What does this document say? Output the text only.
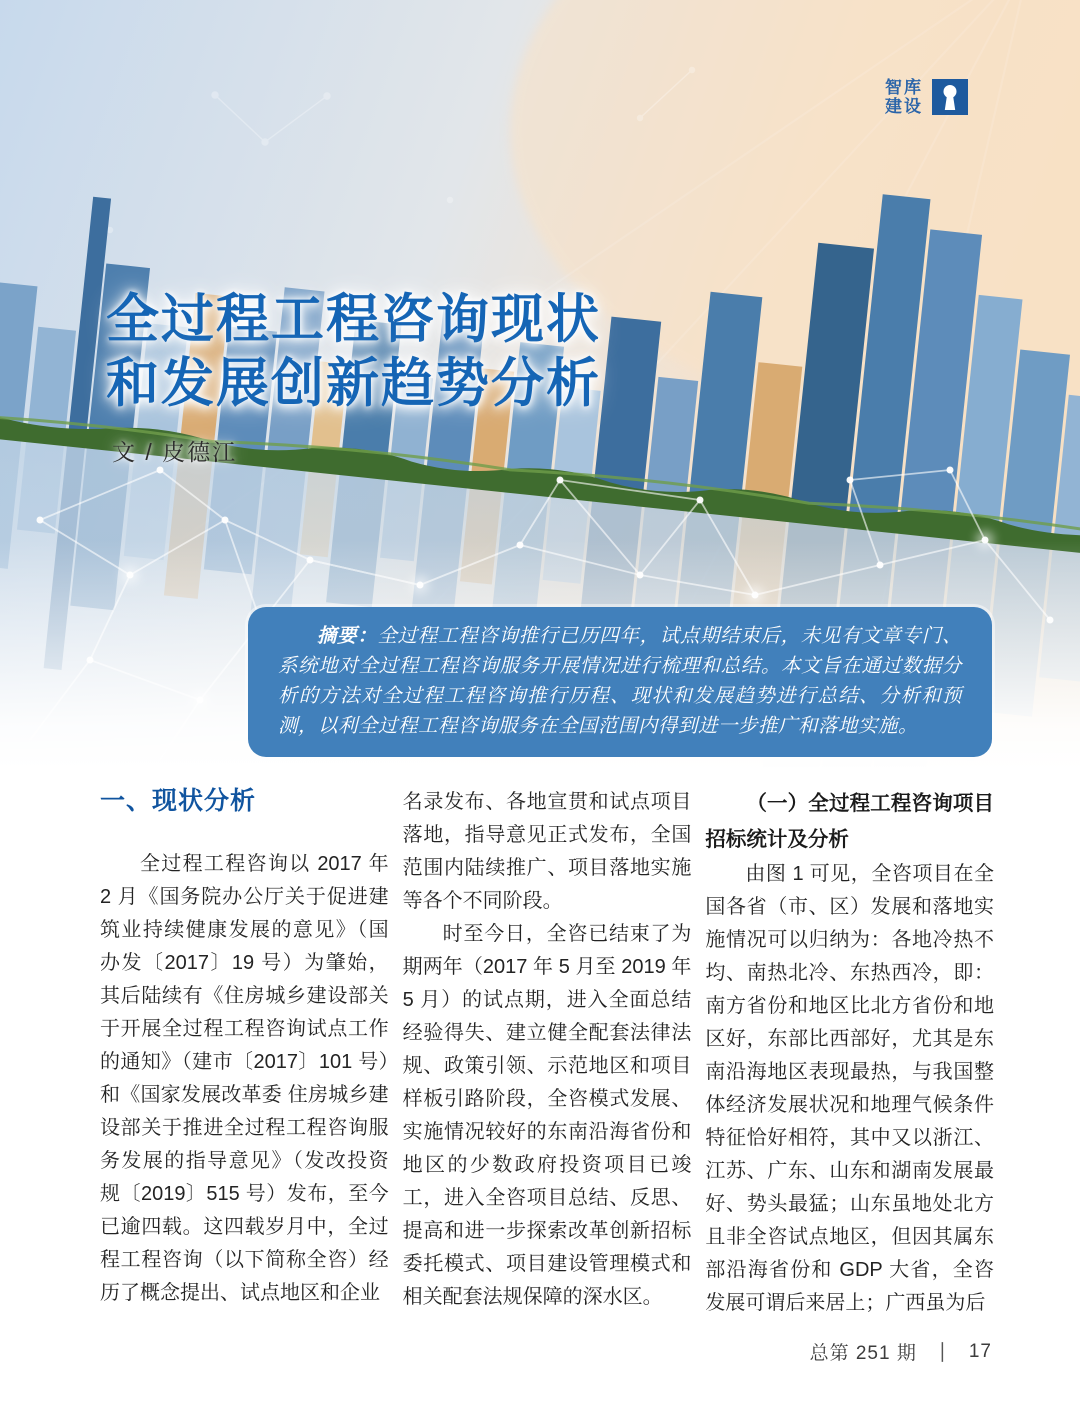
智库
建设
全过程工程咨询现状
和发展创新趋势分析
文 / 皮德江

摘要：全过程工程咨询推行已历四年，试点期结束后，未见有文章专门、系统地对全过程工程咨询服务开展情况进行梳理和总结。本文旨在通过数据分析的方法对全过程工程咨询推行历程、现状和发展趋势进行总结、分析和预测，以利全过程工程咨询服务在全国范围内得到进一步推广和落地实施。

一、现状分析

全过程工程咨询以 2017 年 2 月《国务院办公厅关于促进建筑业持续健康发展的意见》（国办发〔2017〕19 号）为肇始，其后陆续有《住房城乡建设部关于开展全过程工程咨询试点工作的通知》（建市〔2017〕101 号）和《国家发展改革委 住房城乡建设部关于推进全过程工程咨询服务发展的指导意见》（发改投资规〔2019〕515 号）发布，至今已逾四载。这四载岁月中，全过程工程咨询（以下简称全咨）经历了概念提出、试点地区和企业

名录发布、各地宣贯和试点项目落地，指导意见正式发布，全国范围内陆续推广、项目落地实施等各个不同阶段。

时至今日，全咨已结束了为期两年（2017 年 5 月至 2019 年 5 月）的试点期，进入全面总结经验得失、建立健全配套法律法规、政策引领、示范地区和项目样板引路阶段，全咨模式发展、实施情况较好的东南沿海省份和地区的少数政府投资项目已竣工，进入全咨项目总结、反思、提高和进一步探索改革创新招标委托模式、项目建设管理模式和相关配套法规保障的深水区。

（一）全过程工程咨询项目招标统计及分析

由图 1 可见，全咨项目在全国各省（市、区）发展和落地实施情况可以归纳为：各地冷热不均、南热北冷、东热西冷，即：南方省份和地区比北方省份和地区好，东部比西部好，尤其是东南沿海地区表现最热，与我国整体经济发展状况和地理气候条件特征恰好相符，其中又以浙江、江苏、广东、山东和湖南发展最好、势头最猛；山东虽地处北方且非全咨试点地区，但因其属东部沿海省份和 GDP 大省，全咨发展可谓后来居上；广西虽为后

总第 251 期 ｜ 17
